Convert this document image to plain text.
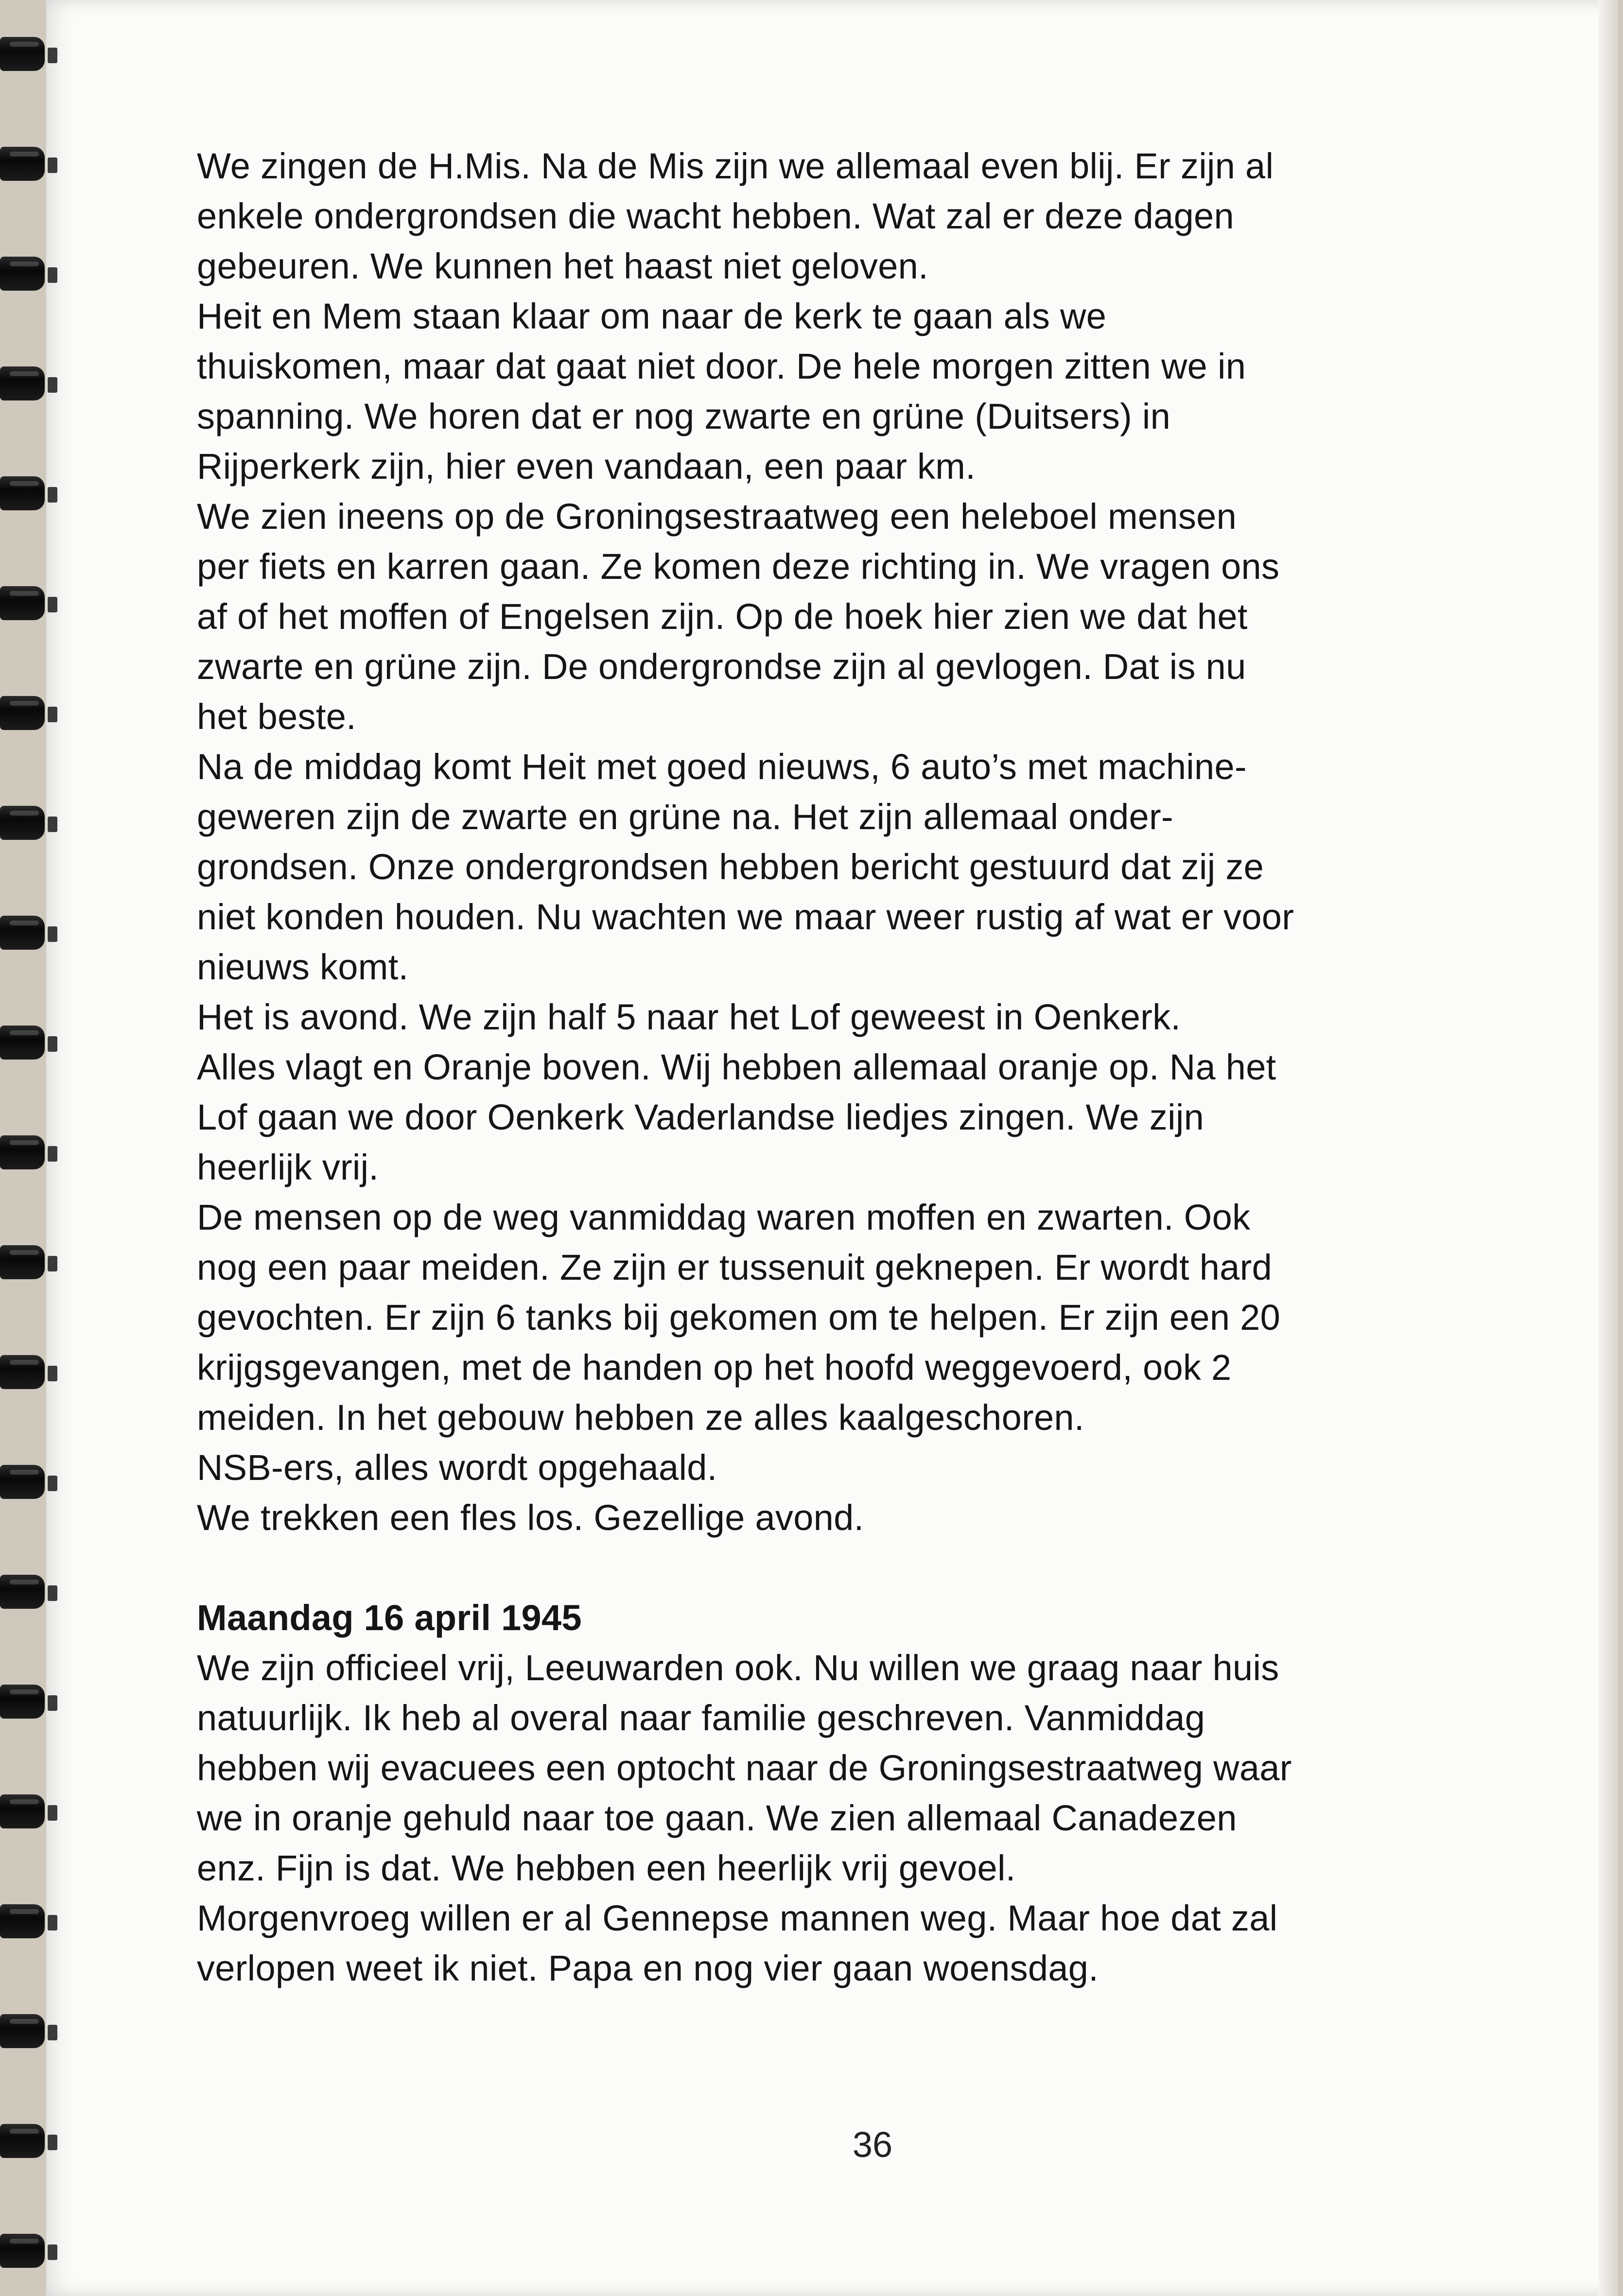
We zingen de H.Mis. Na de Mis zijn we allemaal even blij. Er zijn al
enkele ondergrondsen die wacht hebben. Wat zal er deze dagen
gebeuren. We kunnen het haast niet geloven.

Heit en Mem staan klaar om naar de kerk te gaan als we
thuiskomen, maar dat gaat niet door. De hele morgen zitten we in
spanning. We horen dat er nog zwarte en grüne (Duitsers) in
Rijperkerk zijn, hier even vandaan, een paar km.

We zien ineens op de Groningsestraatweg een heleboel mensen
per fiets en karren gaan. Ze komen deze richting in. We vragen ons
af of het moffen of Engelsen zijn. Op de hoek hier zien we dat het
zwarte en grüne zijn. De ondergrondse zijn al gevlogen. Dat is nu
het beste.

Na de middag komt Heit met goed nieuws, 6 auto’s met machine-
geweren zijn de zwarte en grüne na. Het zijn allemaal onder-
grondsen. Onze ondergrondsen hebben bericht gestuurd dat zij ze
niet konden houden. Nu wachten we maar weer rustig af wat er voor
nieuws komt.

Het is avond. We zijn half 5 naar het Lof geweest in Oenkerk.
Alles vlagt en Oranje boven. Wij hebben allemaal oranje op. Na het
Lof gaan we door Oenkerk Vaderlandse liedjes zingen. We zijn
heerlijk vrij.

De mensen op de weg vanmiddag waren moffen en zwarten. Ook
nog een paar meiden. Ze zijn er tussenuit geknepen. Er wordt hard
gevochten. Er zijn 6 tanks bij gekomen om te helpen. Er zijn een 20
krijgsgevangen, met de handen op het hoofd weggevoerd, ook 2
meiden. In het gebouw hebben ze alles kaalgeschoren.

NSB-ers, alles wordt opgehaald.

We trekken een fles los. Gezellige avond.

Maandag 16 april 1945

We zijn officieel vrij, Leeuwarden ook. Nu willen we graag naar huis
natuurlijk. Ik heb al overal naar familie geschreven. Vanmiddag
hebben wij evacuees een optocht naar de Groningsestraatweg waar
we in oranje gehuld naar toe gaan. We zien allemaal Canadezen
enz. Fijn is dat. We hebben een heerlijk vrij gevoel.

Morgenvroeg willen er al Gennepse mannen weg. Maar hoe dat zal
verlopen weet ik niet. Papa en nog vier gaan woensdag.

36
